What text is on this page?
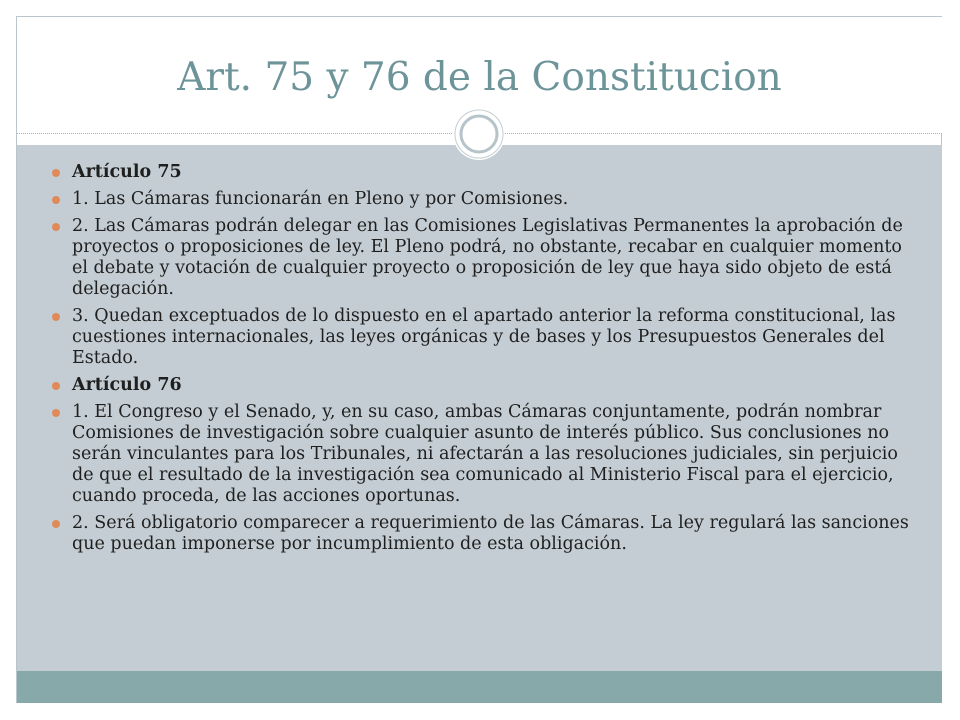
Art. 75 y 76 de la Constitucion
Artículo 75
1. Las Cámaras funcionarán en Pleno y por Comisiones.
2. Las Cámaras podrán delegar en las Comisiones Legislativas Permanentes la aprobación de proyectos o proposiciones de ley. El Pleno podrá, no obstante, recabar en cualquier momento el debate y votación de cualquier proyecto o proposición de ley que haya sido objeto de está delegación.
3. Quedan exceptuados de lo dispuesto en el apartado anterior la reforma constitucional, las cuestiones internacionales, las leyes orgánicas y de bases y los Presupuestos Generales del Estado.
Artículo 76
1. El Congreso y el Senado, y, en su caso, ambas Cámaras conjuntamente, podrán nombrar Comisiones de investigación sobre cualquier asunto de interés público. Sus conclusiones no serán vinculantes para los Tribunales, ni afectarán a las resoluciones judiciales, sin perjuicio de que el resultado de la investigación sea comunicado al Ministerio Fiscal para el ejercicio, cuando proceda, de las acciones oportunas.
2. Será obligatorio comparecer a requerimiento de las Cámaras. La ley regulará las sanciones que puedan imponerse por incumplimiento de esta obligación.
